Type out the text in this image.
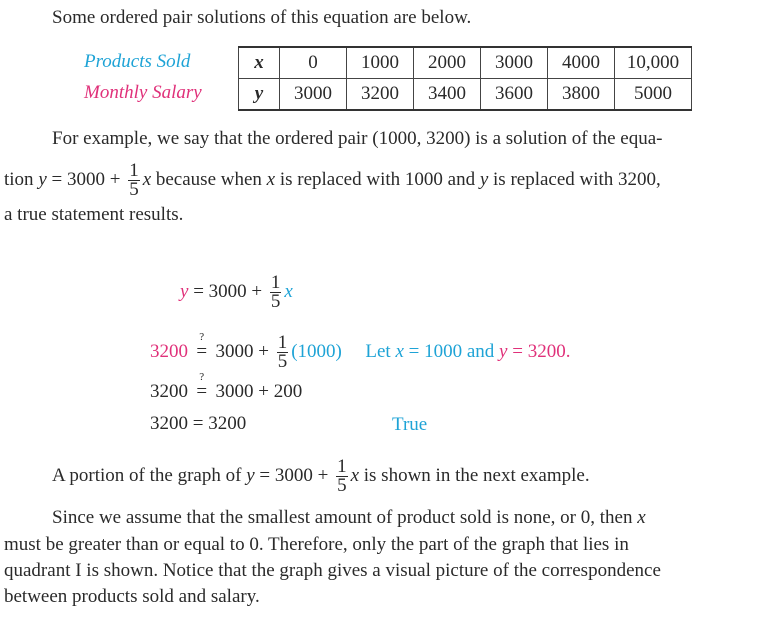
Some ordered pair solutions of this equation are below.
Products Sold
Monthly Salary
x	0	1000	2000	3000	4000	10,000
y	3000	3200	3400	3600	3800	5000
For example, we say that the ordered pair (1000, 3200) is a solution of the equa-
tion $y = 3000 + \frac{1}{5}$ x because when x is replaced with 1000 and y is replaced with 3200,
a true statement results.
$y = 3000 + \frac{1}{5}$ x
3200
?
= $3000 + \frac{1}{5} (1000)$ Let x = 1000 and y = 3200.
3200
?
= 3000 + 200
3200 = 3200	True
A portion of the graph of $y = 3000 + \frac{1}{5}$ x is shown in the next example.
Since we assume that the smallest amount of product sold is none, or 0, then x
must be greater than or equal to 0. Therefore, only the part of the graph that lies in
quadrant I is shown. Notice that the graph gives a visual picture of the correspondence
between products sold and salary.
